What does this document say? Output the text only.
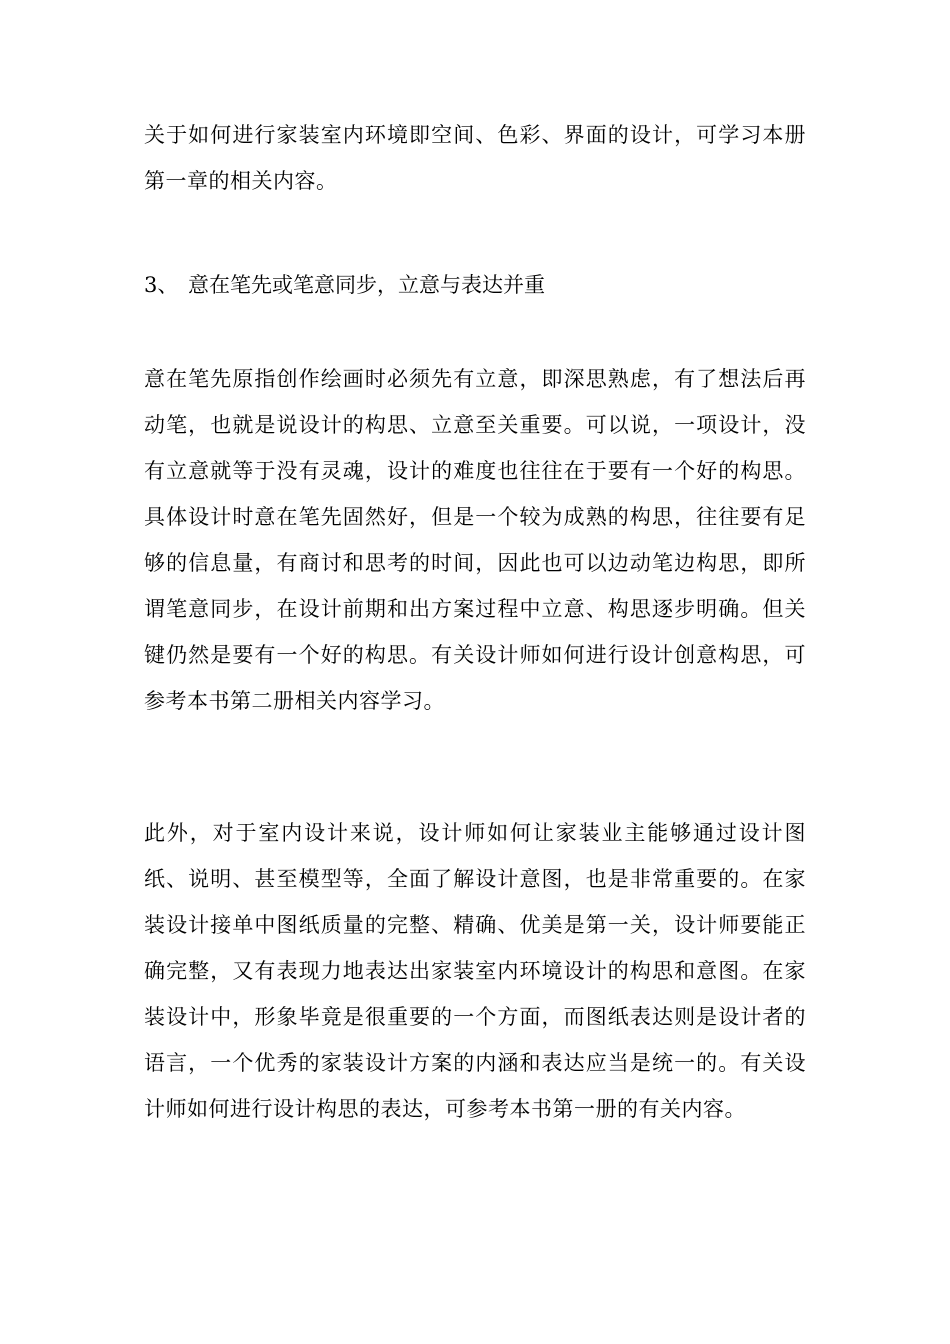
关于如何进行家装室内环境即空间、色彩、界面的设计，可学习本册第一章的相关内容。

3、 意在笔先或笔意同步，立意与表达并重

意在笔先原指创作绘画时必须先有立意，即深思熟虑，有了想法后再动笔，也就是说设计的构思、立意至关重要。可以说，一项设计，没有立意就等于没有灵魂，设计的难度也往往在于要有一个好的构思。具体设计时意在笔先固然好，但是一个较为成熟的构思，往往要有足够的信息量，有商讨和思考的时间，因此也可以边动笔边构思，即所谓笔意同步，在设计前期和出方案过程中立意、构思逐步明确。但关键仍然是要有一个好的构思。有关设计师如何进行设计创意构思，可参考本书第二册相关内容学习。

此外，对于室内设计来说，设计师如何让家装业主能够通过设计图纸、说明、甚至模型等，全面了解设计意图，也是非常重要的。在家装设计接单中图纸质量的完整、精确、优美是第一关，设计师要能正确完整，又有表现力地表达出家装室内环境设计的构思和意图。在家装设计中，形象毕竟是很重要的一个方面，而图纸表达则是设计者的语言，一个优秀的家装设计方案的内涵和表达应当是统一的。有关设计师如何进行设计构思的表达，可参考本书第一册的有关内容。
